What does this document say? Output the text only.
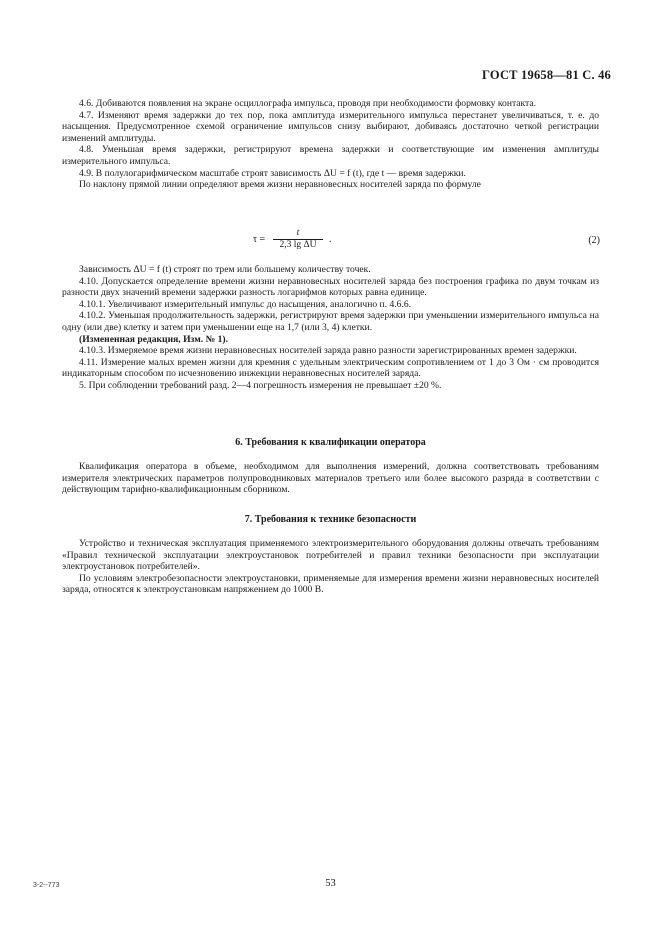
ГОСТ 19658—81 С. 46

4.6. Добиваются появления на экране осциллографа импульса, проводя при необходимости формовку контакта.

4.7. Изменяют время задержки до тех пор, пока амплитуда измерительного импульса перестанет увеличиваться, т. е. до насыщения. Предусмотренное схемой ограничение импульсов снизу выбирают, добиваясь достаточно четкой регистрации изменений амплитуды.

4.8. Уменьшая время задержки, регистрируют времена задержки и соответствующие им изменения амплитуды измерительного импульса.

4.9. В полулогарифмическом масштабе строят зависимость ΔU = f (t), где t — время задержки.

По наклону прямой линии определяют время жизни неравновесных носителей заряда по формуле

$\tau = \frac{t}{\text{2,3 lg ΔU}}$ .	(2)

Зависимость ΔU = f (t) строят по трем или большему количеству точек.

4.10. Допускается определение времени жизни неравновесных носителей заряда без построения графика по двум точкам из разности двух значений времени задержки разность логарифмов которых равна единице.

4.10.1. Увеличивают измерительный импульс до насыщения, аналогично п. 4.6.6.

4.10.2. Уменьшая продолжительность задержки, регистрируют время задержки при уменьшении измерительного импульса на одну (или две) клетку и затем при уменьшении еще на 1,7 (или 3, 4) клетки.

(Измененная редакция, Изм. № 1).

4.10.3. Измеряемое время жизни неравновесных носителей заряда равно разности зарегистрированных времен задержки.

4.11. Измерение малых времен жизни для кремния с удельным электрическим сопротивлением от 1 до 3 Ом · см проводится индикаторным способом по исчезновению инжекции неравновесных носителей заряда.

5. При соблюдении требований разд. 2—4 погрешность измерения не превышает ±20 %.

6. Требования к квалификации оператора

Квалификация оператора в объеме, необходимом для выполнения измерений, должна соответствовать требованиям измерителя электрических параметров полупроводниковых материалов третьего или более высокого разряда в соответствии с действующим тарифно-квалификационным сборником.

7. Требования к технике безопасности

Устройство и техническая эксплуатация применяемого электроизмерительного оборудования должны отвечать требованиям «Правил технической эксплуатации электроустановок потребителей и правил техники безопасности при эксплуатации электроустановок потребителей».

По условиям электробезопасности электроустановки, применяемые для измерения времени жизни неравновесных носителей заряда, относятся к электроустановкам напряжением до 1000 В.

3-2--773	53
